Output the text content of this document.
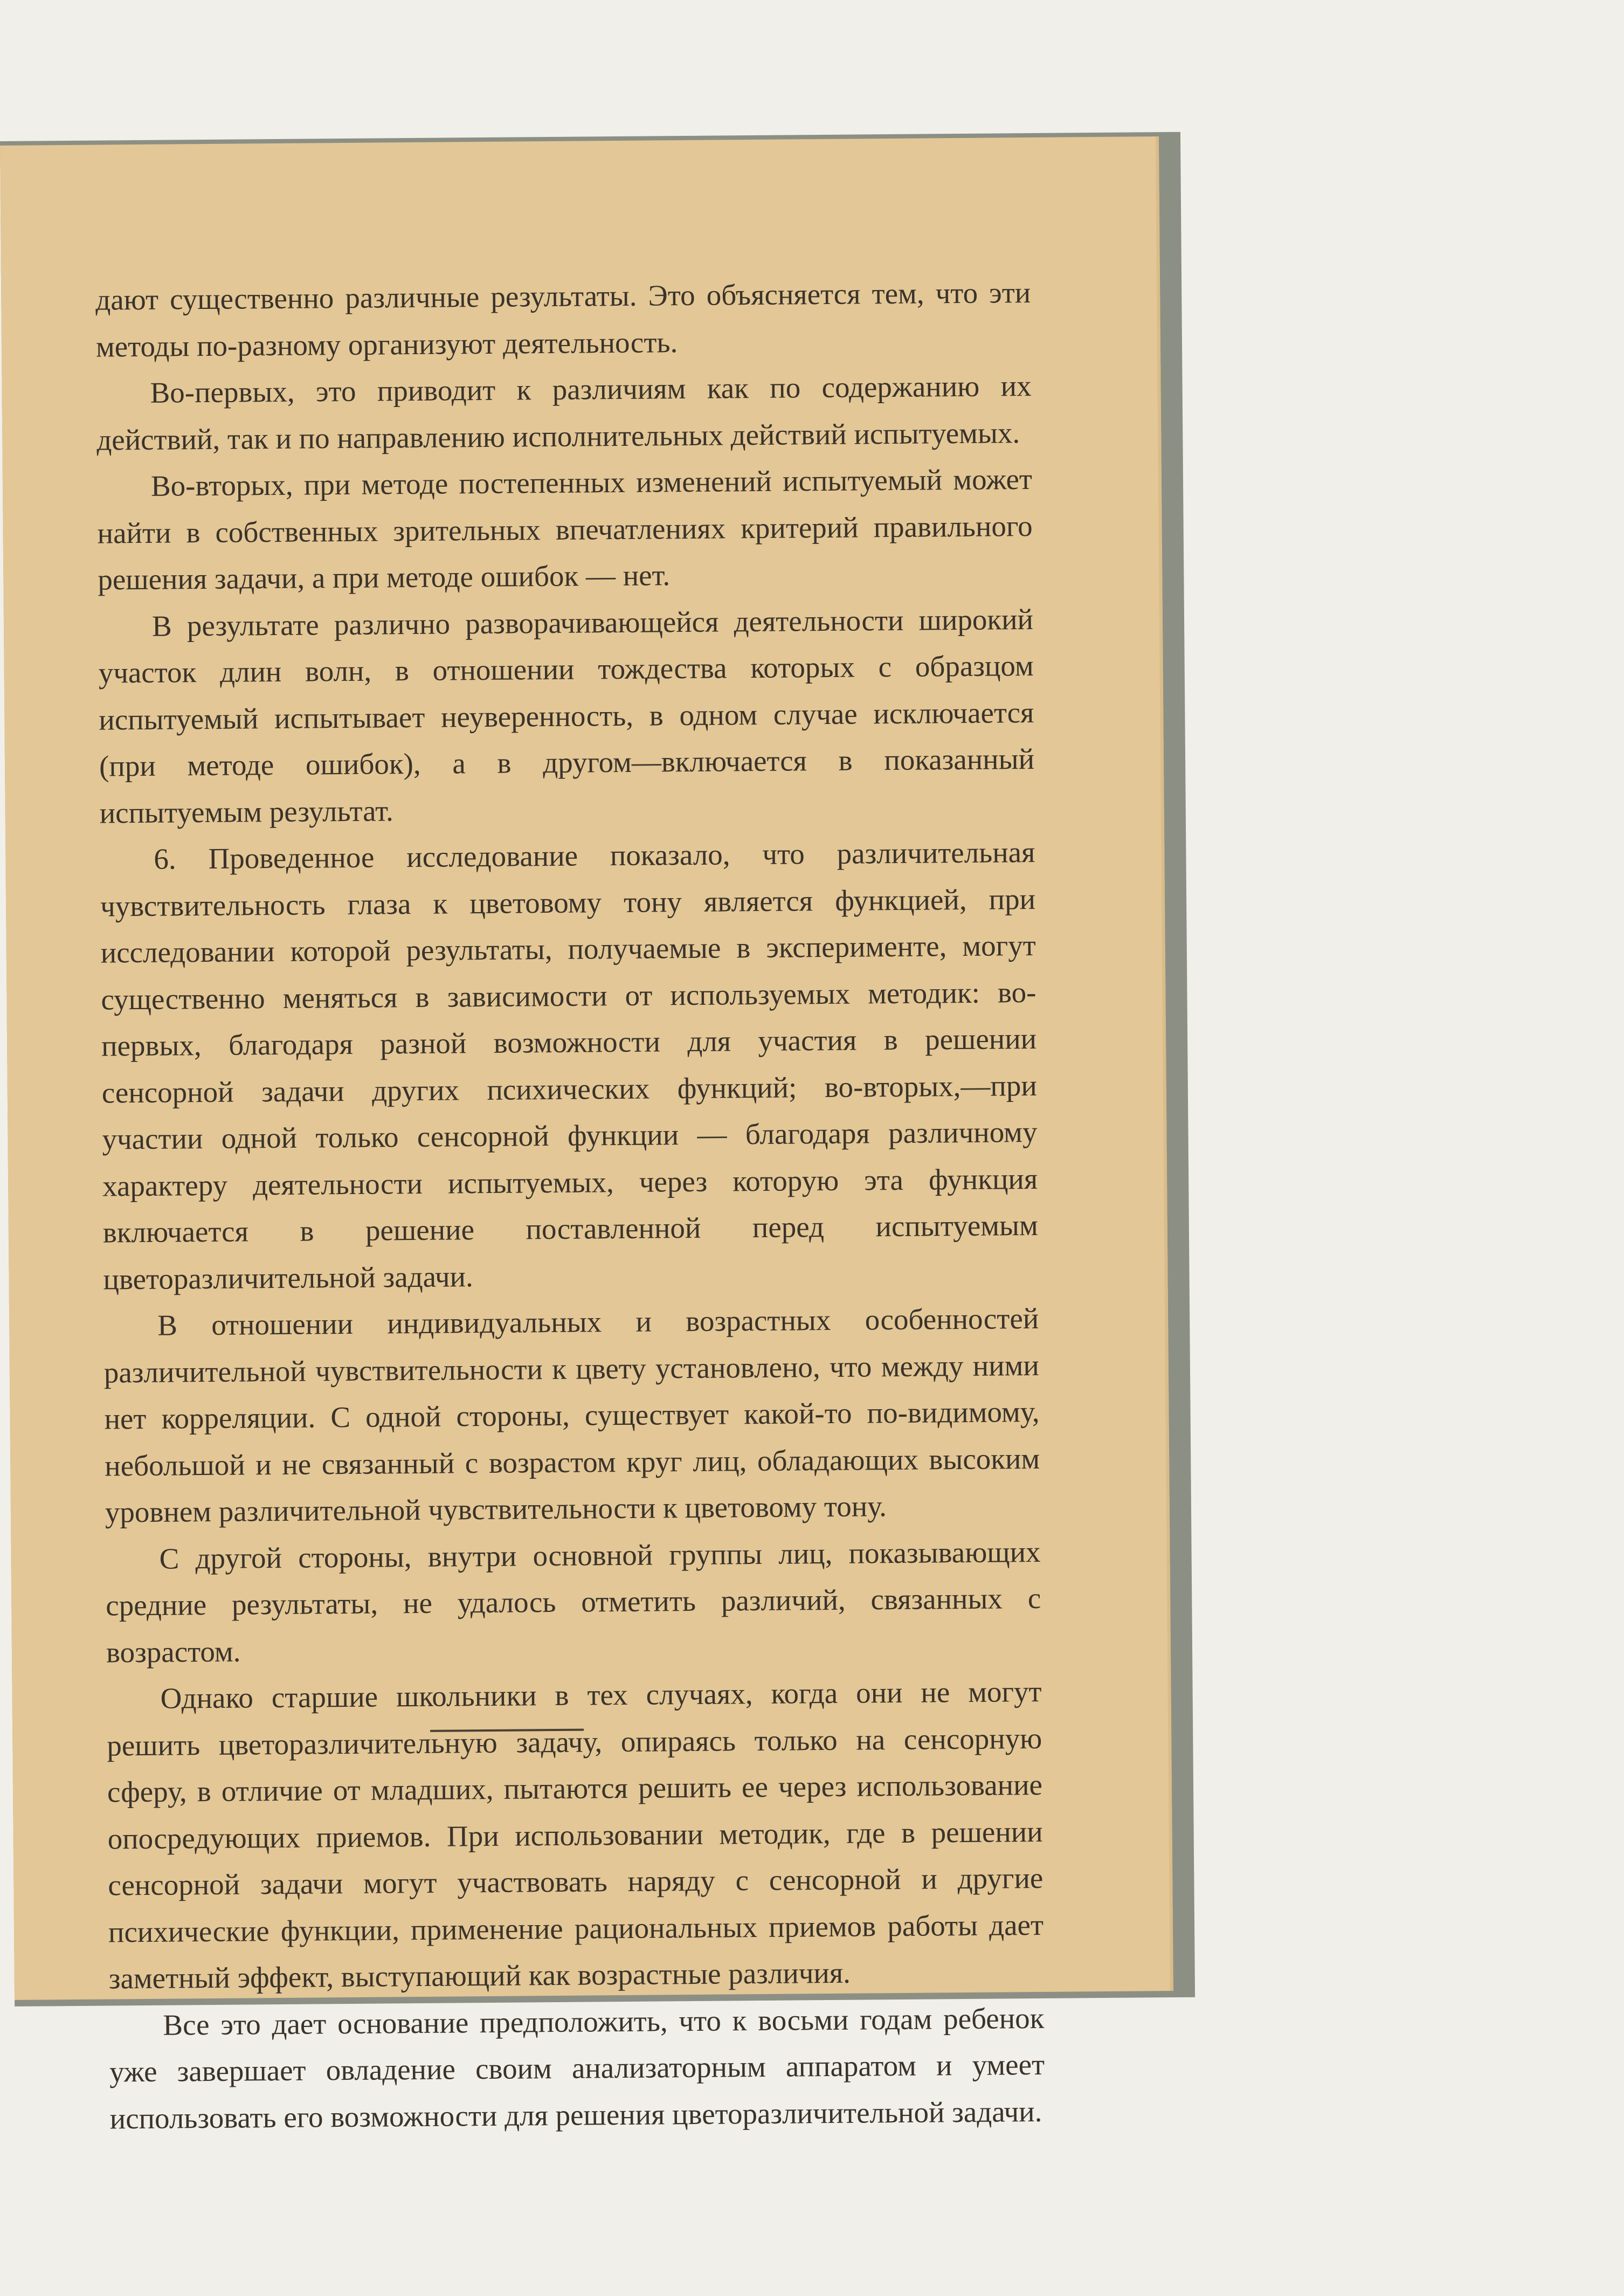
дают существенно различные результаты. Это объясняется тем, что эти методы по-разному организуют деятельность.

Во-первых, это приводит к различиям как по содержанию их действий, так и по направлению исполнительных действий испытуемых.

Во-вторых, при методе постепенных изменений испытуемый может найти в собственных зрительных впечатлениях критерий правильного решения задачи, а при методе ошибок — нет.

В результате различно разворачивающейся деятельности широкий участок длин волн, в отношении тождества которых с образцом испытуемый испытывает неуверенность, в одном случае исключается (при методе ошибок), а в другом—включается в показанный испытуемым результат.

6. Проведенное исследование показало, что различительная чувствительность глаза к цветовому тону является функцией, при исследовании которой результаты, получаемые в эксперименте, могут существенно меняться в зависимости от используемых методик: во-первых, благодаря разной возможности для участия в решении сенсорной задачи других психических функций; во-вторых,—при участии одной только сенсорной функции — благодаря различному характеру деятельности испытуемых, через которую эта функция включается в решение поставленной перед испытуемым цветоразличительной задачи.

В отношении индивидуальных и возрастных особенностей различительной чувствительности к цвету установлено, что между ними нет корреляции. С одной стороны, существует какой-то по-видимому, небольшой и не связанный с возрастом круг лиц, обладающих высоким уровнем различительной чувствительности к цветовому тону.

С другой стороны, внутри основной группы лиц, показывающих средние результаты, не удалось отметить различий, связанных с возрастом.

Однако старшие школьники в тех случаях, когда они не могут решить цветоразличительную задачу, опираясь только на сенсорную сферу, в отличие от младших, пытаются решить ее через использование опосредующих приемов. При использовании методик, где в решении сенсорной задачи могут участвовать наряду с сенсорной и другие психические функции, применение рациональных приемов работы дает заметный эффект, выступающий как возрастные различия.

Все это дает основание предположить, что к восьми годам ребенок уже завершает овладение своим анализаторным аппаратом и умеет использовать его возможности для решения цветоразличительной задачи.
